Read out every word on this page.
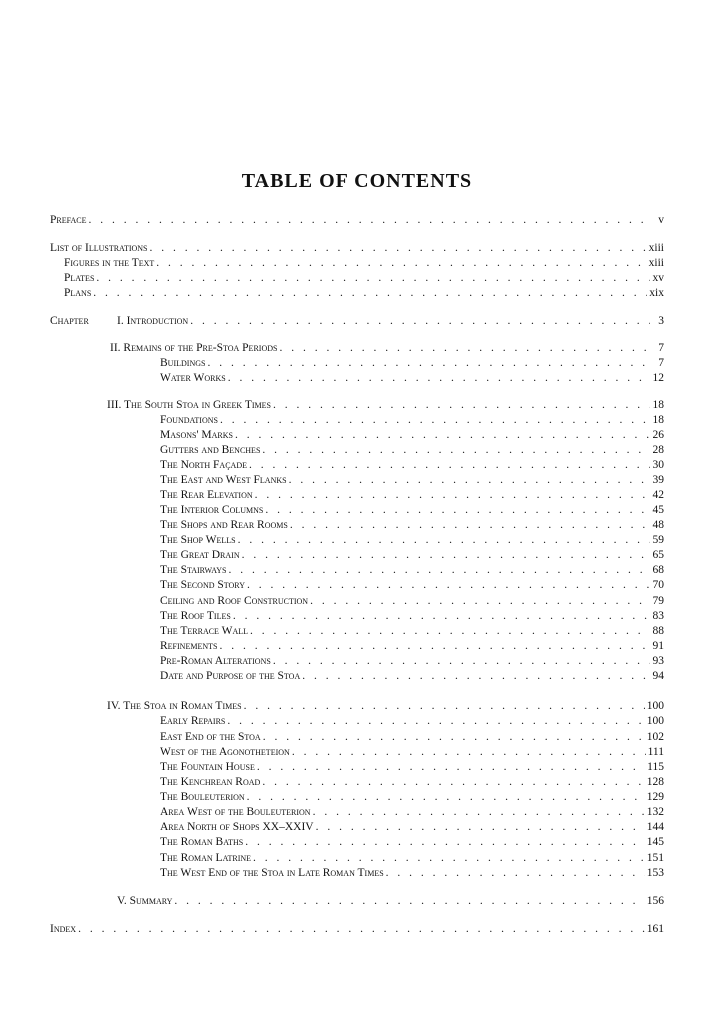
TABLE OF CONTENTS
Chapter
Preface . . .	v
List of Illustrations . . .	xiii
Figures in the Text . . .	xiii
Plates . . .	xv
Plans . . .	xix
I. Introduction . . .	3
II. Remains of the Pre-Stoa Periods . . .	7
Buildings . . .	7
Water Works . . .	12
III. The South Stoa in Greek Times . . .	18
Foundations . . .	18
Masons' Marks . . .	26
Gutters and Benches . . .	28
The North Façade . . .	30
The East and West Flanks . . .	39
The Rear Elevation . . .	42
The Interior Columns . . .	45
The Shops and Rear Rooms . . .	48
The Shop Wells . . .	59
The Great Drain . . .	65
The Stairways . . .	68
The Second Story . . .	70
Ceiling and Roof Construction . . .	79
The Roof Tiles . . .	83
The Terrace Wall . . .	88
Refinements . . .	91
Pre-Roman Alterations . . .	93
Date and Purpose of the Stoa . . .	94
IV. The Stoa in Roman Times . . .	100
Early Repairs . . .	100
East End of the Stoa . . .	102
West of the Agonotheteion . . .	111
The Fountain House . . .	115
The Kenchrean Road . . .	128
The Bouleuterion . . .	129
Area West of the Bouleuterion . . .	132
Area North of Shops XX–XXIV . . .	144
The Roman Baths . . .	145
The Roman Latrine . . .	151
The West End of the Stoa in Late Roman Times . . .	153
V. Summary . . .	156
Index . . .	161
